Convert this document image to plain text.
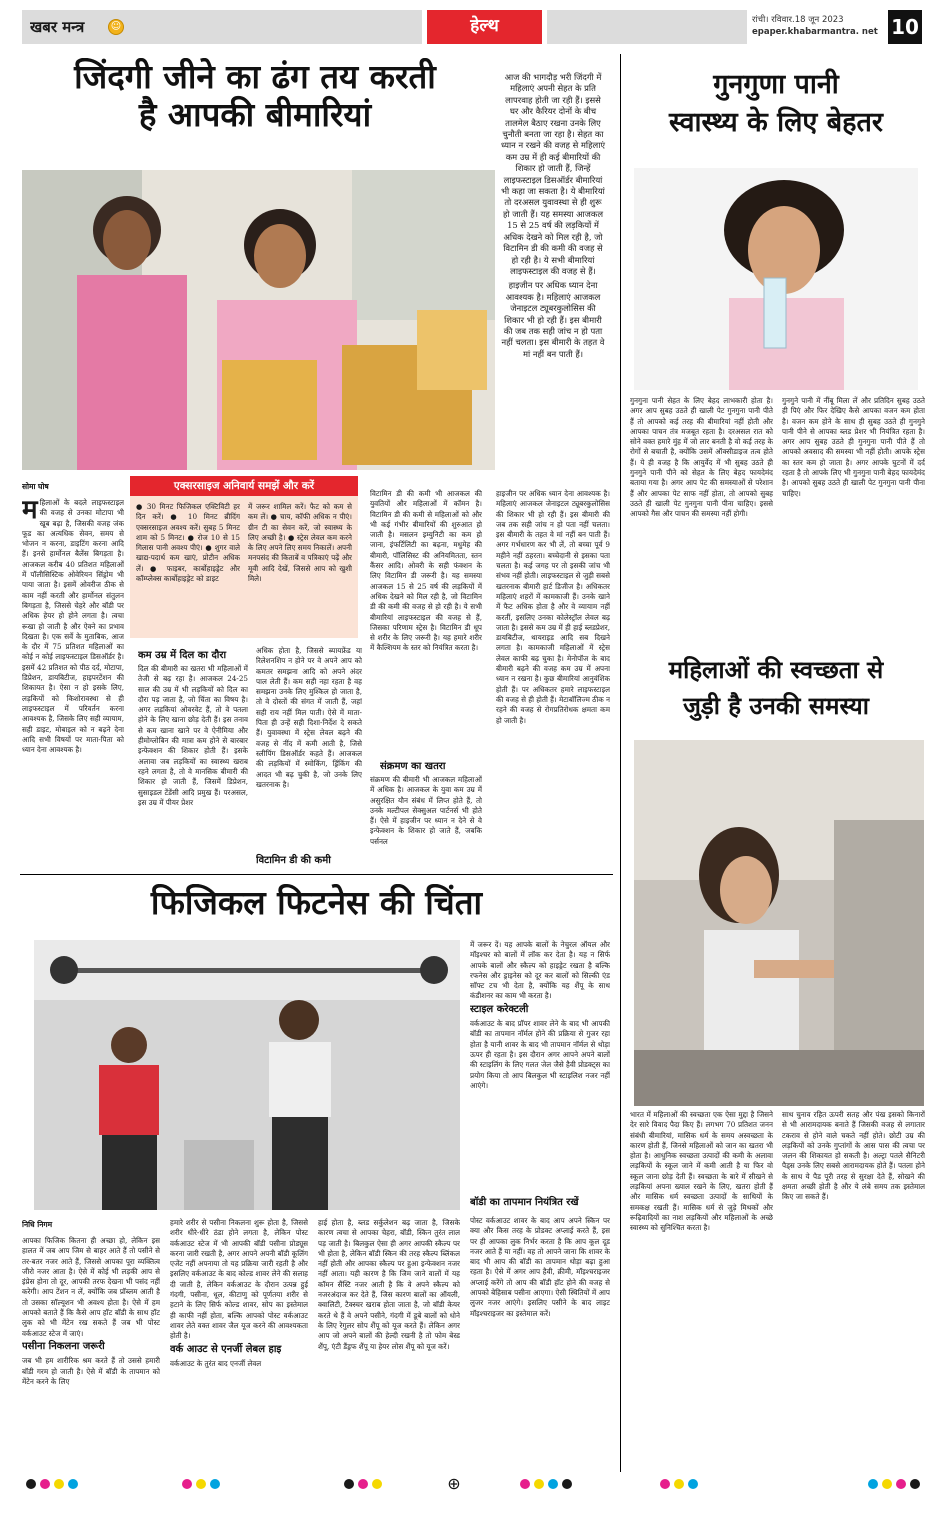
खबर मन्त्र	☺	हेल्थ	रांची। रविवार.18 जून 2023
epaper.khabarmantra. net 10
जिंदगी जीने का ढंग तय करती
है आपकी बीमारियां

आज की भागदौड़ भरी जिंदगी में महिलाएं अपनी सेहत के प्रति लापरवाह होती जा रही हैं। इससे घर और कैरियर दोनों के बीच तालमेल बैठाए रखना उनके लिए चुनौती बनता जा रहा है। सेहत का ध्यान न रखने की वजह से महिलाएं कम उम्र में ही कई बीमारियों की शिकार हो जाती हैं, जिन्हें लाइफस्टाइल डिसऑर्डर बीमारियां भी कहा जा सकता है। ये बीमारियां तो दरअसल युवावस्था से ही शुरू हो जाती हैं। यह समस्या आजकल 15 से 25 वर्ष की लड़कियों में अधिक देखने को मिल रही है, जो विटामिन डी की कमी की वजह से हो रही है। ये सभी बीमारियां लाइफस्टाइल की वजह से हैं।

हाइजीन पर अधिक ध्यान देना आवश्यक है। महिलाएं आजकल जेनाइटल ट्यूबरकुलोसिस की शिकार भी हो रही हैं। इस बीमारी की जब तक सही जांच न हो पता नहीं चलता। इस बीमारी के तहत वे मां नहीं बन पाती हैं।

सोमा घोष	एक्सरसाइज अनिवार्य समझें और करें
● 30 मिनट फिजिकल एक्टिविटी हर दिन करें। ● 10 मिनट ब्रीदिंग एक्सरसाइज अवश्य करें। सुबह 5 मिनट शाम को 5 मिनट। ● रोज 10 से 15 गिलास पानी अवश्य पीएं। ● शुगर वाले खाद्य-पदार्थ कम खाएं, प्रोटीन अधिक लें। ● फाइबर, कार्बोहाइड्रेट और कॉम्प्लेक्स कार्बोहाइड्रेट को डाइट
में जरूर शामिल करें। फैट को कम से कम लें। ● चाय, कॉफी अधिक न पीएं। ग्रीन टी का सेवन करें, जो स्वास्थ्य के लिए अच्छी है। ● स्ट्रेस लेवल कम करने के लिए अपने लिए समय निकालें। अपनी मनपसंद की किताबें व पत्रिकाएं पढ़ें और मूवी आदि देखें, जिससे आप को खुशी मिले।
म हिलाओं के बदले लाइफस्टाइल की वजह से उनका मोटापा भी खूब बढ़ा है, जिसकी वजह जंक फूड का अत्यधिक सेवन, समय से भोजन न करना, डाइटिंग करना आदि हैं। इनसे हार्मोनल बैलेंस बिगड़ता है। आजकल करीब 40 प्रतिशत महिलाओं में पॉलीसिस्टिक ओवेरियन सिंड्रोम भी पाया जाता है। इसमें ओवरीज ठीक से काम नहीं करती और हार्मोनल संतुलन बिगड़ता है, जिससे चेहरे और बॉडी पर अधिक हेयर हो होने लगता है। त्वचा रूखा हो जाती है और ऐक्ने का प्रभाव दिखता है। एक सर्वे के मुताबिक, आज के दौर में 75 प्रतिशत महिलाओं का कोई न कोई लाइफस्टाइल डिसऑर्डर है। इसमें 42 प्रतिशत को पीठ दर्द, मोटापा, डिप्रेशन, डायबिटीज, हाइपरटेंशन की शिकायत है। ऐसा न हो इसके लिए, लड़कियों को किशोरावस्था से ही लाइफस्टाइल में परिवर्तन करना आवश्यक है, जिसके लिए सही व्यायाम, सही डाइट, मोबाइल को न बढ़ने देना आदि सभी विषयों पर माता-पिता को ध्यान देना आवश्यक है।
कम उम्र में दिल का दौरा
दिल की बीमारी का खतरा भी महिलाओं में तेजी से बढ़ रहा है। आजकल 24-25 साल की उम्र में भी लड़कियों को दिल का दौरा पड़ जाता है, जो चिंता का विषय है। अगर लड़कियां ओवरवेट हैं, तो वे पतला होने के लिए खाना छोड़ देती हैं। इस तनाव से कम खाना खाने पर वे ऐनीमिया और हीमोग्लोबिन की मात्रा कम होने से बारबार इन्फेक्शन की शिकार होती हैं। इसके अलावा जब लड़कियों का स्वास्थ्य खराब रहने लगता है, तो वे मानसिक बीमारी की शिकार हो जाती हैं, जिसमें डिप्रेशन, सुसाइडल टेंडेंसी आदि प्रमुख हैं। परअसल, इस उम्र में पीयर प्रेशर
अधिक होता है, जिससे ब्यायफ्रेंड या रिलेशनशिप न होने पर वे अपने आप को कमतर समझना आदि को अपने अंदर पाल लेती हैं। कम सही नहा रहता है वह समझना उनके लिए मुश्किल हो जाता है, तो वे दोस्तों की संगत में जाती हैं, जहां सही राय नहीं मिल पाती। ऐसे में माता-पिता ही उन्हें सही दिशा-निर्देश दे सकते हैं। युवावस्था में स्ट्रेस लेवल बढ़ने की वजह से नींद में कमी आती है, जिसे स्लीपिंग डिसऑर्डर कहते हैं। आजकल की लड़कियों में स्मोकिंग, ड्रिंकिंग की आदत भी बढ़ चुकी है, जो उनके लिए खतरनाक है।
विटामिन डी की कमी
विटामिन डी की कमी भी आजकल की युवतियों और महिलाओं में कॉमन है। विटामिन डी की कमी से महिलाओं को और भी कई गंभीर बीमारियों की शुरुआत हो जाती है। मसलन इम्युनिटी का कम हो जाना, इंफर्टिलिटी का बढ़ना, मधुमेह की बीमारी, पॉलिसिस्ट की अनियमितता, स्तन कैंसर आदि। ओवरी के सही फंक्शन के लिए विटामिन डी जरूरी है। यह समस्या आजकल 15 से 25 वर्ष की लड़कियों में अधिक देखने को मिल रही है, जो विटामिन डी की कमी की वजह से हो रही है। ये सभी बीमारियां लाइफस्टाइल की वजह से हैं, जिसका परिणाम स्ट्रेस है। विटामिन डी धूप से शरीर के लिए जरूरी है। यह हमारे शरीर में कैल्शियम के स्तर को नियंत्रित करता है।
संक्रमण का खतरा
संक्रमण की बीमारी भी आजकल महिलाओं में अधिक है। आजकल के युवा कम उम्र में असुरक्षित यौन संबंध में लिप्त होते हैं, तो उनके मल्टीपल सेक्सुअल पार्टनर्स भी होते हैं। ऐसे में हाइजीन पर ध्यान न देने से वे इन्फेक्शन के शिकार हो जाते हैं, जबकि पर्सनल
हाइजीन पर अधिक ध्यान देना आवश्यक है। महिलाएं आजकल जेनाइटल ट्यूबरकुलोसिस की शिकार भी हो रही हैं। इस बीमारी की जब तक सही जांच न हो पता नहीं चलता। इस बीमारी के तहत वे मां नहीं बन पाती हैं। अगर गर्भधारण कर भी लें, तो बच्चा पूर्व 9 महीने नहीं ठहरता। बच्चेदानी से इसका पता चलता है। कई जगह पर तो इसकी जांच भी संभव नहीं होती। लाइफस्टाइल से जुड़ी सबसे खतरनाक बीमारी हार्ट डिजीज है। अधिकतर महिलाएं शहरों में कामकाजी हैं। उनके खाने में फैट अधिक होता है और वे व्यायाम नहीं करतीं, इसलिए उनका कोलेस्ट्रॉल लेवल बढ़ जाता है। इससे कम उम्र में ही हाई ब्लडप्रेशर, डायबिटीज, थायराइड आदि सब दिखने लगता है। कामकाजी महिलाओं में स्ट्रेस लेवल काफी बढ़ चुका है। मेनोपॉज के बाद बीमारी बढ़ने की वजह कम उम्र में अपना ध्यान न रखना है। कुछ बीमारियां आनुवंशिक होती हैं। पर अधिकतर हमारे लाइफस्टाइल की वजह से ही होती हैं। मेटाबॉलिज्म ठीक न रहने की वजह से रोगप्रतिरोधक क्षमता कम हो जाती है।
फिजिकल फिटनेस की चिंता

में जरूर दें। यह आपके बालों के नेचुरल ऑयल और मॉइश्चर को बालों में लॉक कर देता है। यह न सिर्फ आपके बालों और स्कैल्प को हाइड्रेट रखता है बल्कि रफनेस और ड्राइनेस को दूर कर बालों को सिल्की एंड सॉफ्ट टच भी देता है, क्योंकि यह शैंपू के साथ कंडीशनर का काम भी करता है।

स्टाइल करेक्टली

वर्कआउट के बाद प्रॉपर शावर लेने के बाद भी आपकी बॉडी का तापमान नॉर्मल होने की प्रक्रिया से गुजर रहा होता है यानी शावर के बाद भी तापमान नॉर्मल से थोड़ा ऊपर ही रहता है। इस दौरान अगर आपने अपने बालों की स्टाइलिंग के लिए गलत जेल जैसे हैवी प्रोडक्ट्स का प्रयोग किया तो आप बिलकुल भी स्टाइलिश नजर नहीं आएंगे।

बॉडी का तापमान नियंत्रित रखें
निधि निगम

आपका फिजिक कितना ही अच्छा हो, लेकिन इस हालत में जब आप जिम से बाहर आते हैं तो पसीने से तर-बतर नजर आते हैं, जिससे आपका पूरा व्यक्तित्व जीरो नजर आता है। ऐसे में कोई भी लड़की आप से इंप्रेस होना तो दूर, आपकी तरफ देखना भी पसंद नहीं करेगी। आप टेंशन न लें, क्योंकि जब प्रॉब्लम आती है तो उसका सॉल्यूशन भी अवश्य होता है। ऐसे में हम आपको बताते हैं कि कैसे आप हॉट बॉडी के साथ हॉट लुक को भी मेंटेन रख सकते हैं जब भी पोस्ट वर्कआउट स्टेज में जाएं।

पसीना निकलना जरूरी

जब भी हम शारीरिक श्रम करते हैं तो उससे हमारी बॉडी गरम हो जाती है। ऐसे में बॉडी के तापमान को मेंटेन करने के लिए

हमारे शरीर से पसीना निकलना शुरू होता है, जिससे शरीर धीरे-धीरे ठंडा होने लगता है, लेकिन पोस्ट वर्कआउट स्टेज में भी आपकी बॉडी पसीना प्रोड्यूस करना जारी रखती है, अगर आपने अपनी बॉडी कूलिंग एजेंट नहीं अपनाया तो यह प्रक्रिया जारी रहती है और इसलिए वर्कआउट के बाद कोल्ड शावर लेने की सलाह दी जाती है, लेकिन वर्कआउट के दौरान उत्पन्न हुई गंदगी, पसीना, धूल, कीटाणु को पूर्णतया शरीर से हटाने के लिए सिर्फ कोल्ड शावर, सोप का इस्तेमाल ही काफी नहीं होता, बल्कि आपको पोस्ट वर्कआउट शावर लेते वक्त शावर जैल यूज करने की आवश्यकता होती है।

वर्क आउट से एनर्जी लेबल हाइ

वर्कआउट के तुरंत बाद एनर्जी लेवल

हाई होता है, ब्लड सर्कुलेशन बढ़ जाता है, जिसके कारण त्वचा से आपका चेहरा, बॉडी, स्किन तुरंत लाल पड़ जाती है। बिलकुल ऐसा ही अगर आपकी स्कैल्प पर भी होता है, लेकिन बॉडी स्किन की तरह स्कैल्प ब्लिंकल नहीं होती और आपका स्कैल्प पर हुआ इन्फेक्शन नजर नहीं आता। यही कारण है कि जिम जाने वालों में यह कॉमन सैंस्टि नजर आती है कि वे अपने स्कैल्प को नजरअंदाज कर देते हैं, जिस कारण बालों का ऑयली, क्वालिटी, टैक्स्चर खराब होता जाता है, जो बॉडी केयर करते थे हैं वे अपने पसीने, गंदगी में डूबे बालों को धोने के लिए रेगुलर सोप शैंपू को यूज करते हैं। लेकिन अगर आप जो अपने बालों की हेल्दी रखनी है तो फोम बेस्ड शैंपू, एंटी डैंड्रफ शैंपू या हेयर लोस शैंपू को यूज करें।
पोस्ट वर्कआउट शावर के बाद आप अपने स्किन पर क्या और किस तरह के प्रोडक्ट अप्लाई करते हैं, इस पर ही आपका लुक निर्भर करता है कि आप कूल दूड नजर आते हैं या नहीं। वह तो आपने जाना कि शावर के बाद भी आप की बॉडी का तापमान थोड़ा बढ़ा हुआ रहता है। ऐसे में अगर आप हैवी, क्रीमी, मॉइश्चराइजर अप्लाई करेंगे तो आप की बॉडी हॉट होने की वजह से आपको बेहिसाब पसीना आएगा। ऐसी स्थितियों में आप लुजर नजर आएंगे। इसलिए पसीने के बाद लाइट मॉइश्चराइजर का इस्तेमाल करें।
गुनगुणा पानी
स्वास्थ्य के लिए बेहतर
गुनगुना पानी सेहत के लिए बेहद लाभकारी होता है। अगर आप सुबह उठते ही खाली पेट गुनगुना पानी पीते हैं तो आपको कई तरह की बीमारियां नहीं होती और आपका पाचन तंत्र मजबूत रहता है। दरअसल रात को सोने वक्त हमारे मुंह में जो लार बनती है वो कई तरह के रोगों से बचाती है, क्योंकि उसमें ऑक्सीडाइज तत्व होते हैं। ये ही वजह है कि आयुर्वेद में भी सुबह उठते ही गुनगुने पानी पीने को सेहत के लिए बेहद फायदेमंद बताया गया है। अगर आप पेट की समस्याओं से परेशान हैं और आपका पेट साफ नहीं होता, तो आपको सुबह उठते ही खाली पेट गुनगुना पानी पीना चाहिए। इससे आपको गैस और पाचन की समस्या नहीं होगी।
गुनगुने पानी में नींबू मिला लें और प्रतिदिन सुबह उठते ही पिएं और फिर देखिए कैसे आपका वजन कम होता है। वजन कम होने के साथ ही सुबह उठते ही गुनगुने पानी पीने से आपका ब्लड प्रेशर भी नियंत्रित रहता है। अगर आप सुबह उठते ही गुनगुना पानी पीते हैं तो आपको अवसाद की समस्या भी नहीं होती। आपके स्ट्रेस का स्तर कम हो जाता है। अगर आपके घुटनों में दर्द रहता है तो आपके लिए भी गुनगुना पानी बेहद फायदेमंद है। आपको सुबह उठते ही खाली पेट गुनगुना पानी पीना चाहिए।
महिलाओं की स्वच्छता से
जुड़ी है उनकी समस्या
भारत में महिलाओं की स्वच्छता एक ऐसा मुद्दा है जिसने देर सारे विवाद पैदा किए हैं। लगभग 70 प्रतिशत जनन संबंधी बीमारियां, मासिक धर्म के समय अस्वच्छता के कारण होती हैं, जिनसे महिलाओं को जान का खतरा भी होता है। आधुनिक स्वच्छता उत्पादों की कमी के अलावा लड़कियों के स्कूल जाने में कमी आती है या फिर वो स्कूल जाना छोड़ देती हैं। स्वच्छता के बारे में सीखने से लड़कियां अपना ख्याल रखने के लिए, खतरा होती हैं और मासिक धर्म स्वच्छता उत्पादों के साथियों के समकक्ष रखती हैं। मासिक धर्म से जुड़े मिथकों और रूढ़िवादियों का नाश लड़कियों और महिलाओं के अच्छे स्वास्थ्य को सुनिश्चित करता है।
साथ चुनाव रहित ऊपरी सतह और पंख इसको किनारों से भी आरामदायक बनाते हैं जिसकी वजह से लगातार टकराव से होने वाले चकते नहीं होते। छोटी उम्र की लड़कियों को उनके गुप्तांगों के आस पास की त्वचा पर जलन की शिकायत हो सकती है। अल्ट्रा पतले सैनिटरी पैड्स उनके लिए सबसे आरामदायक होते हैं। पतला होने के साथ ये पैड पूरी तरह से सुरक्षा देते हैं, सोखने की क्षमता अच्छी होती है और ये लंबे समय तक इस्तेमाल किए जा सकते हैं।
⊕
